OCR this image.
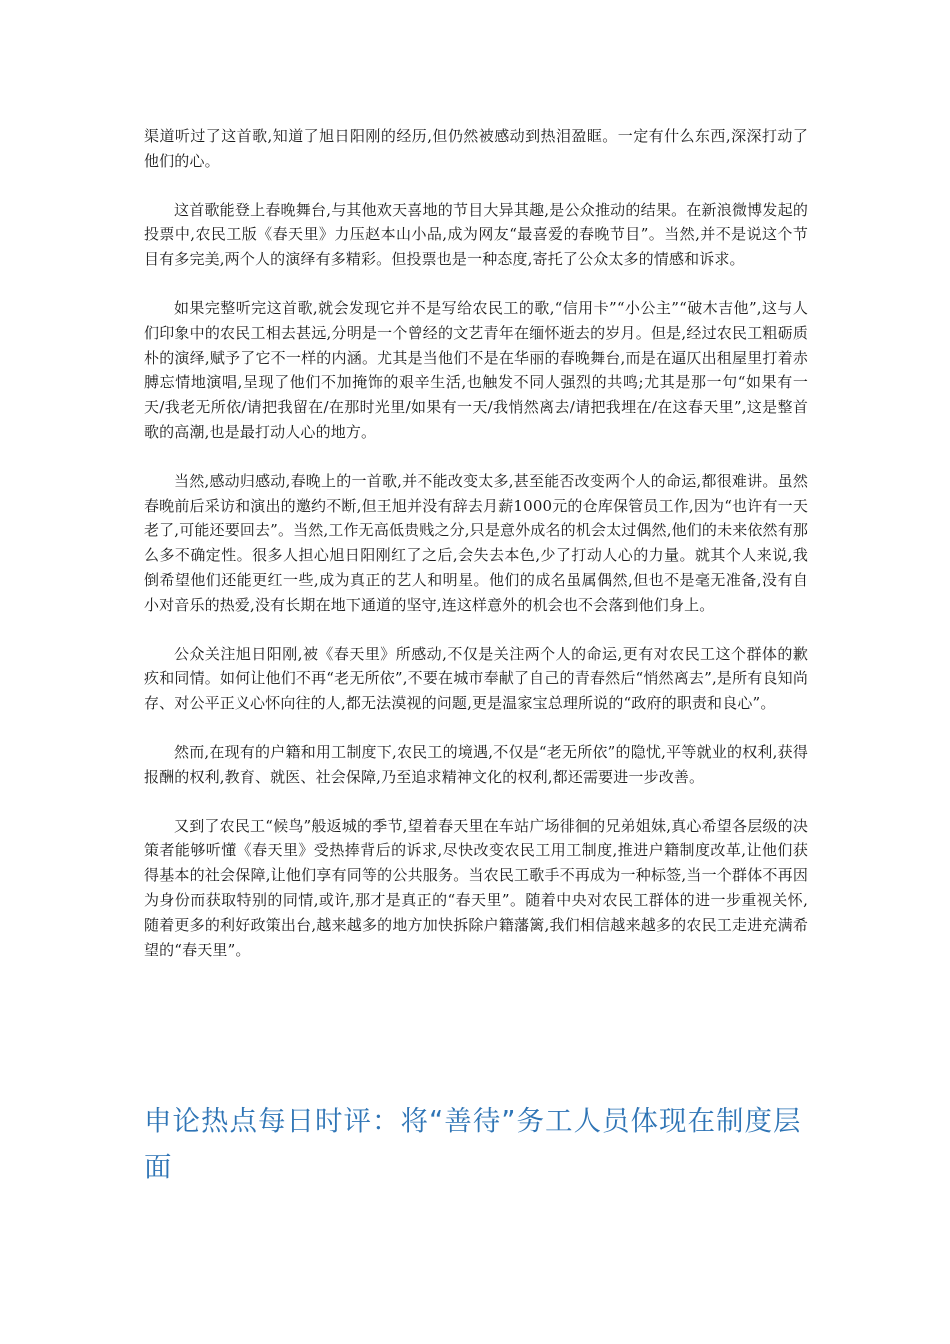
渠道听过了这首歌,知道了旭日阳刚的经历,但仍然被感动到热泪盈眶。一定有什么东西,深深打动了他们的心。

这首歌能登上春晚舞台,与其他欢天喜地的节目大异其趣,是公众推动的结果。在新浪微博发起的投票中,农民工版《春天里》力压赵本山小品,成为网友“最喜爱的春晚节目”。当然,并不是说这个节目有多完美,两个人的演绎有多精彩。但投票也是一种态度,寄托了公众太多的情感和诉求。

如果完整听完这首歌,就会发现它并不是写给农民工的歌,“信用卡”“小公主”“破木吉他”,这与人们印象中的农民工相去甚远,分明是一个曾经的文艺青年在缅怀逝去的岁月。但是,经过农民工粗砺质朴的演绎,赋予了它不一样的内涵。尤其是当他们不是在华丽的春晚舞台,而是在逼仄出租屋里打着赤膊忘情地演唱,呈现了他们不加掩饰的艰辛生活,也触发不同人强烈的共鸣;尤其是那一句“如果有一天/我老无所依/请把我留在/在那时光里/如果有一天/我悄然离去/请把我埋在/在这春天里”,这是整首歌的高潮,也是最打动人心的地方。

当然,感动归感动,春晚上的一首歌,并不能改变太多,甚至能否改变两个人的命运,都很难讲。虽然春晚前后采访和演出的邀约不断,但王旭并没有辞去月薪1000元的仓库保管员工作,因为“也许有一天老了,可能还要回去”。当然,工作无高低贵贱之分,只是意外成名的机会太过偶然,他们的未来依然有那么多不确定性。很多人担心旭日阳刚红了之后,会失去本色,少了打动人心的力量。就其个人来说,我倒希望他们还能更红一些,成为真正的艺人和明星。他们的成名虽属偶然,但也不是毫无准备,没有自小对音乐的热爱,没有长期在地下通道的坚守,连这样意外的机会也不会落到他们身上。

公众关注旭日阳刚,被《春天里》所感动,不仅是关注两个人的命运,更有对农民工这个群体的歉疚和同情。如何让他们不再“老无所依”,不要在城市奉献了自己的青春然后“悄然离去”,是所有良知尚存、对公平正义心怀向往的人,都无法漠视的问题,更是温家宝总理所说的“政府的职责和良心”。

然而,在现有的户籍和用工制度下,农民工的境遇,不仅是“老无所依”的隐忧,平等就业的权利,获得报酬的权利,教育、就医、社会保障,乃至追求精神文化的权利,都还需要进一步改善。

又到了农民工“候鸟”般返城的季节,望着春天里在车站广场徘徊的兄弟姐妹,真心希望各层级的决策者能够听懂《春天里》受热捧背后的诉求,尽快改变农民工用工制度,推进户籍制度改革,让他们获得基本的社会保障,让他们享有同等的公共服务。当农民工歌手不再成为一种标签,当一个群体不再因为身份而获取特别的同情,或许,那才是真正的“春天里”。随着中央对农民工群体的进一步重视关怀,随着更多的利好政策出台,越来越多的地方加快拆除户籍藩篱,我们相信越来越多的农民工走进充满希望的“春天里”。

申论热点每日时评：将“善待”务工人员体现在制度层面
